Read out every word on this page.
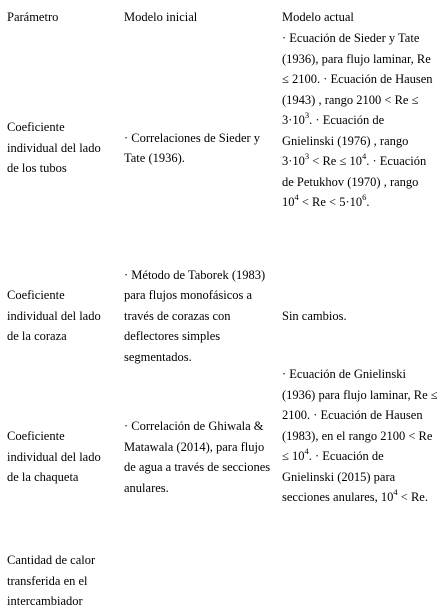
Parámetro	Modelo inicial	Modelo actual
Coeficiente individual del lado de los tubos
· Correlaciones de Sieder y Tate (1936).
· Ecuación de Sieder y Tate (1936), para flujo laminar, Re ≤ 2100. · Ecuación de Hausen (1943) , rango $2100 < Re \le 3\cdot 10^3$. · Ecuación de Gnielinski (1976) , rango $3\cdot 10^3 < Re \le 10^4$. · Ecuación de Petukhov (1970) , rango $10^4 < Re < 5\cdot 10^6$.
Coeficiente individual del lado de la coraza
· Método de Taborek (1983) para flujos monofásicos a través de corazas con deflectores simples segmentados.
Sin cambios.
Coeficiente individual del lado de la chaqueta
· Correlación de Ghiwala & Matawala (2014), para flujo de agua a través de secciones anulares.
· Ecuación de Gnielinski (1936) para flujo laminar, Re ≤ 2100. · Ecuación de Hausen (1983), en el rango $2100 < Re \le 10^4$. · Ecuación de Gnielinski (2015) para secciones anulares, $10^4 < Re$.
Cantidad de calor transferida en el intercambiador
